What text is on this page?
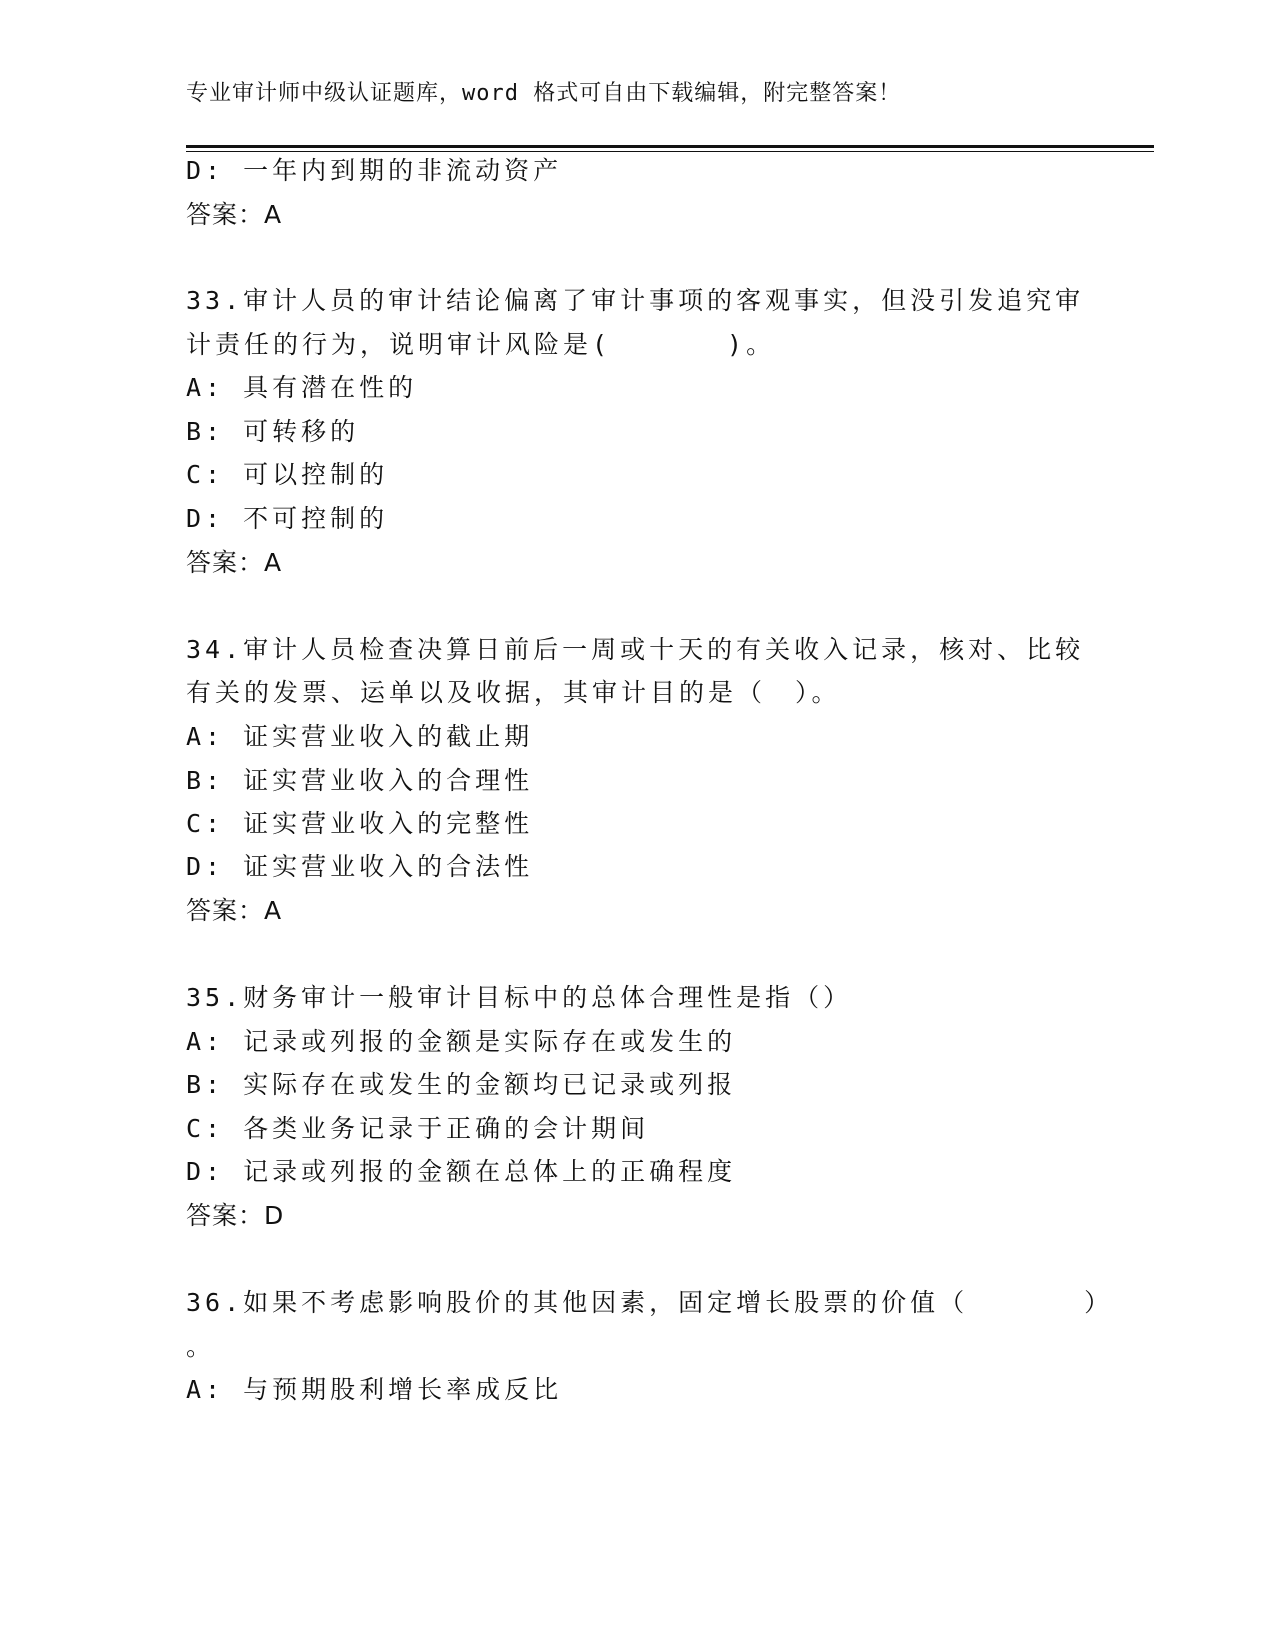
专业审计师中级认证题库，word 格式可自由下载编辑，附完整答案！
D: 一年内到期的非流动资产
答案：A
33.审计人员的审计结论偏离了审计事项的客观事实，但没引发追究审
计责任的行为，说明审计风险是(　　　　)。
A: 具有潜在性的
B: 可转移的
C: 可以控制的
D: 不可控制的
答案：A
34.审计人员检查决算日前后一周或十天的有关收入记录，核对、比较
有关的发票、运单以及收据，其审计目的是（　）。
A: 证实营业收入的截止期
B: 证实营业收入的合理性
C: 证实营业收入的完整性
D: 证实营业收入的合法性
答案：A
35.财务审计一般审计目标中的总体合理性是指（）
A: 记录或列报的金额是实际存在或发生的
B: 实际存在或发生的金额均已记录或列报
C: 各类业务记录于正确的会计期间
D: 记录或列报的金额在总体上的正确程度
答案：D
36.如果不考虑影响股价的其他因素，固定增长股票的价值（　　　　）
。
A: 与预期股利增长率成反比
